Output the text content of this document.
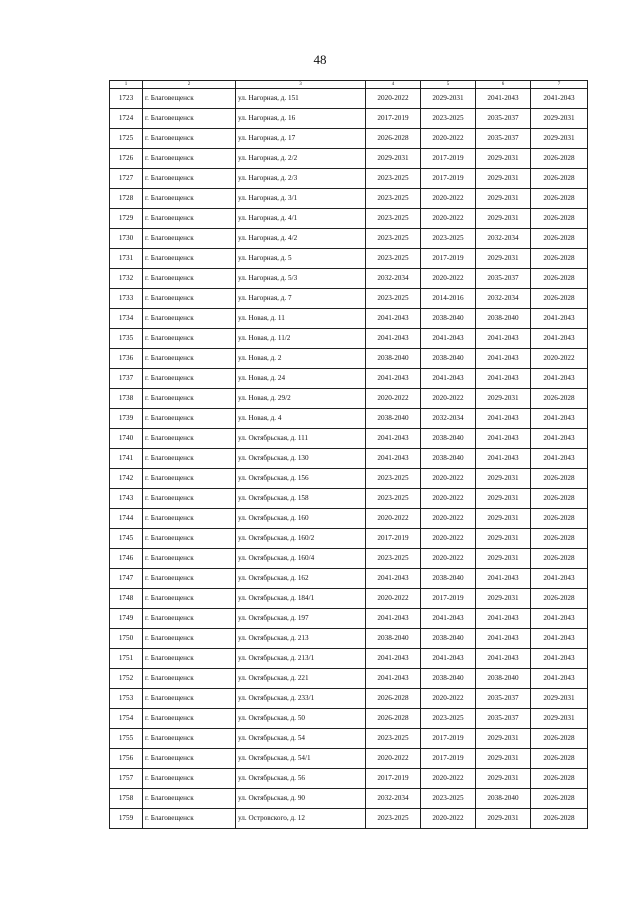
48
1	2	3	4	5	6	7
1723	г. Благовещенск	ул. Нагорная, д. 151	2020-2022	2029-2031	2041-2043	2041-2043
1724	г. Благовещенск	ул. Нагорная, д. 16	2017-2019	2023-2025	2035-2037	2029-2031
1725	г. Благовещенск	ул. Нагорная, д. 17	2026-2028	2020-2022	2035-2037	2029-2031
1726	г. Благовещенск	ул. Нагорная, д. 2/2	2029-2031	2017-2019	2029-2031	2026-2028
1727	г. Благовещенск	ул. Нагорная, д. 2/3	2023-2025	2017-2019	2029-2031	2026-2028
1728	г. Благовещенск	ул. Нагорная, д. 3/1	2023-2025	2020-2022	2029-2031	2026-2028
1729	г. Благовещенск	ул. Нагорная, д. 4/1	2023-2025	2020-2022	2029-2031	2026-2028
1730	г. Благовещенск	ул. Нагорная, д. 4/2	2023-2025	2023-2025	2032-2034	2026-2028
1731	г. Благовещенск	ул. Нагорная, д. 5	2023-2025	2017-2019	2029-2031	2026-2028
1732	г. Благовещенск	ул. Нагорная, д. 5/3	2032-2034	2020-2022	2035-2037	2026-2028
1733	г. Благовещенск	ул. Нагорная, д. 7	2023-2025	2014-2016	2032-2034	2026-2028
1734	г. Благовещенск	ул. Новая, д. 11	2041-2043	2038-2040	2038-2040	2041-2043
1735	г. Благовещенск	ул. Новая, д. 11/2	2041-2043	2041-2043	2041-2043	2041-2043
1736	г. Благовещенск	ул. Новая, д. 2	2038-2040	2038-2040	2041-2043	2020-2022
1737	г. Благовещенск	ул. Новая, д. 24	2041-2043	2041-2043	2041-2043	2041-2043
1738	г. Благовещенск	ул. Новая, д. 29/2	2020-2022	2020-2022	2029-2031	2026-2028
1739	г. Благовещенск	ул. Новая, д. 4	2038-2040	2032-2034	2041-2043	2041-2043
1740	г. Благовещенск	ул. Октябрьская, д. 111	2041-2043	2038-2040	2041-2043	2041-2043
1741	г. Благовещенск	ул. Октябрьская, д. 130	2041-2043	2038-2040	2041-2043	2041-2043
1742	г. Благовещенск	ул. Октябрьская, д. 156	2023-2025	2020-2022	2029-2031	2026-2028
1743	г. Благовещенск	ул. Октябрьская, д. 158	2023-2025	2020-2022	2029-2031	2026-2028
1744	г. Благовещенск	ул. Октябрьская, д. 160	2020-2022	2020-2022	2029-2031	2026-2028
1745	г. Благовещенск	ул. Октябрьская, д. 160/2	2017-2019	2020-2022	2029-2031	2026-2028
1746	г. Благовещенск	ул. Октябрьская, д. 160/4	2023-2025	2020-2022	2029-2031	2026-2028
1747	г. Благовещенск	ул. Октябрьская, д. 162	2041-2043	2038-2040	2041-2043	2041-2043
1748	г. Благовещенск	ул. Октябрьская, д. 184/1	2020-2022	2017-2019	2029-2031	2026-2028
1749	г. Благовещенск	ул. Октябрьская, д. 197	2041-2043	2041-2043	2041-2043	2041-2043
1750	г. Благовещенск	ул. Октябрьская, д. 213	2038-2040	2038-2040	2041-2043	2041-2043
1751	г. Благовещенск	ул. Октябрьская, д. 213/1	2041-2043	2041-2043	2041-2043	2041-2043
1752	г. Благовещенск	ул. Октябрьская, д. 221	2041-2043	2038-2040	2038-2040	2041-2043
1753	г. Благовещенск	ул. Октябрьская, д. 233/1	2026-2028	2020-2022	2035-2037	2029-2031
1754	г. Благовещенск	ул. Октябрьская, д. 50	2026-2028	2023-2025	2035-2037	2029-2031
1755	г. Благовещенск	ул. Октябрьская, д. 54	2023-2025	2017-2019	2029-2031	2026-2028
1756	г. Благовещенск	ул. Октябрьская, д. 54/1	2020-2022	2017-2019	2029-2031	2026-2028
1757	г. Благовещенск	ул. Октябрьская, д. 56	2017-2019	2020-2022	2029-2031	2026-2028
1758	г. Благовещенск	ул. Октябрьская, д. 90	2032-2034	2023-2025	2038-2040	2026-2028
1759	г. Благовещенск	ул. Островского, д. 12	2023-2025	2020-2022	2029-2031	2026-2028
